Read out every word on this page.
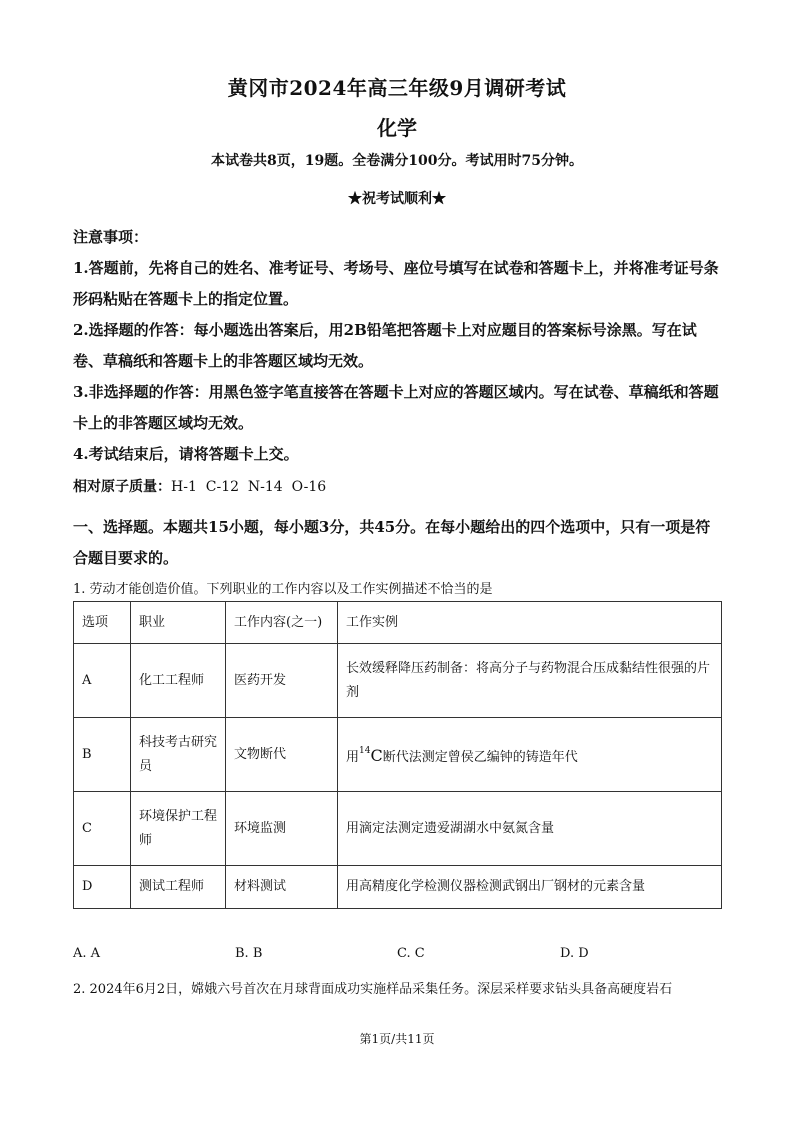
黄冈市2024年高三年级9月调研考试
化学
本试卷共8页，19题。全卷满分100分。考试用时75分钟。
★祝考试顺利★

注意事项：

1.答题前，先将自己的姓名、准考证号、考场号、座位号填写在试卷和答题卡上，并将准考证号条形码粘贴在答题卡上的指定位置。

2.选择题的作答：每小题选出答案后，用2B铅笔把答题卡上对应题目的答案标号涂黑。写在试卷、草稿纸和答题卡上的非答题区域均无效。

3.非选择题的作答：用黑色签字笔直接答在答题卡上对应的答题区域内。写在试卷、草稿纸和答题卡上的非答题区域均无效。

4.考试结束后，请将答题卡上交。

相对原子质量：H-1  C-12  N-14  O-16
一、选择题。本题共15小题，每小题3分，共45分。在每小题给出的四个选项中，只有一项是符合题目要求的。
1. 劳动才能创造价值。下列职业的工作内容以及工作实例描述不恰当的是
选项	职业	工作内容(之一)	工作实例
A	化工工程师	医药开发	长效缓释降压药制备：将高分子与药物混合压成黏结性很强的片剂
B	科技考古研究员	文物断代	用$^{14}$C断代法测定曾侯乙编钟的铸造年代
C	环境保护工程师	环境监测	用滴定法测定遗爱湖湖水中氨氮含量
D	测试工程师	材料测试	用高精度化学检测仪器检测武钢出厂钢材的元素含量
A. A	B. B	C. C	D. D
2. 2024年6月2日，嫦娥六号首次在月球背面成功实施样品采集任务。深层采样要求钻头具备高硬度岩石
第1页/共11页
